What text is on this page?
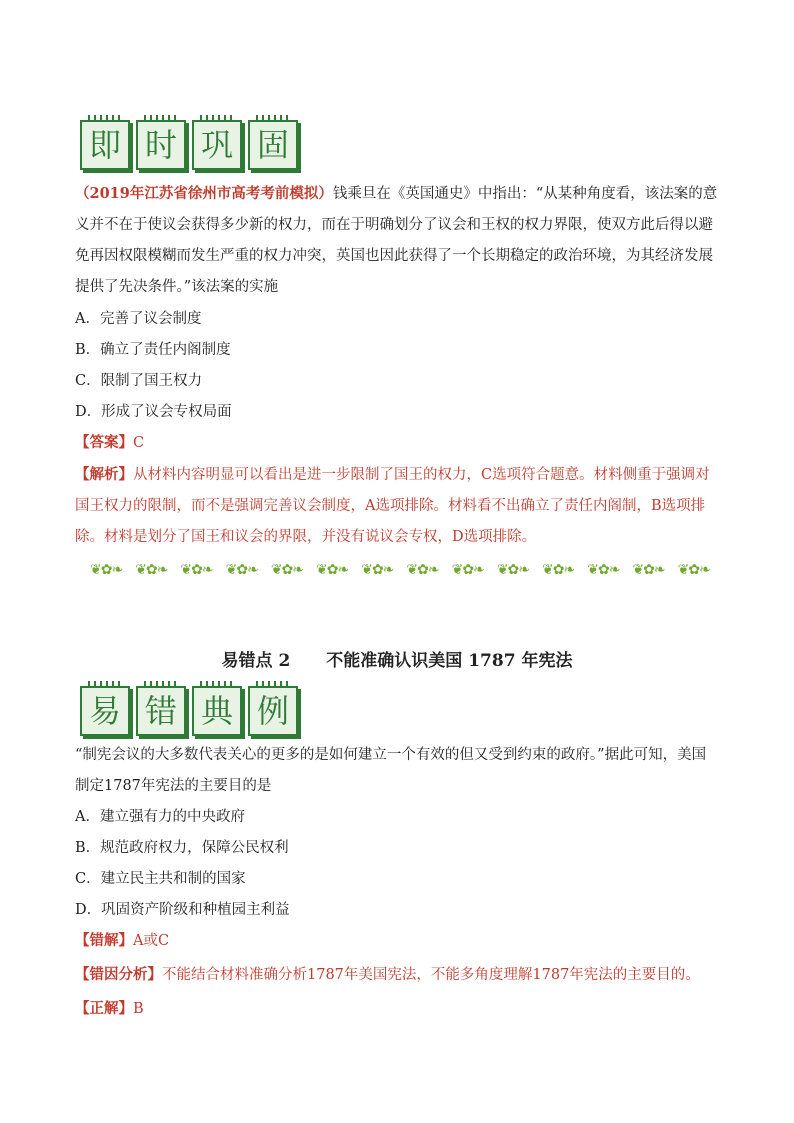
即 时 巩 固

（2019年江苏省徐州市高考考前模拟）钱乘旦在《英国通史》中指出：“从某种角度看，该法案的意义并不在于使议会获得多少新的权力，而在于明确划分了议会和王权的权力界限，使双方此后得以避免再因权限模糊而发生严重的权力冲突，英国也因此获得了一个长期稳定的政治环境，为其经济发展提供了先决条件。”该法案的实施

A．完善了议会制度

B．确立了责任内阁制度

C．限制了国王权力

D．形成了议会专权局面

【答案】C

【解析】从材料内容明显可以看出是进一步限制了国王的权力，C选项符合题意。材料侧重于强调对国王权力的限制，而不是强调完善议会制度，A选项排除。材料看不出确立了责任内阁制，B选项排除。材料是划分了国王和议会的界限，并没有说议会专权，D选项排除。

❦✿❧ ❦✿❧ ❦✿❧ ❦✿❧ ❦✿❧ ❦✿❧ ❦✿❧ ❦✿❧ ❦✿❧ ❦✿❧ ❦✿❧ ❦✿❧ ❦✿❧ ❦✿❧
易错点 2 不能准确认识美国 1787 年宪法
易 错 典 例

“制宪会议的大多数代表关心的更多的是如何建立一个有效的但又受到约束的政府。”据此可知，美国制定1787年宪法的主要目的是

A．建立强有力的中央政府

B．规范政府权力，保障公民权利

C．建立民主共和制的国家

D．巩固资产阶级和种植园主利益

【错解】A或C

【错因分析】不能结合材料准确分析1787年美国宪法，不能多角度理解1787年宪法的主要目的。

【正解】B
